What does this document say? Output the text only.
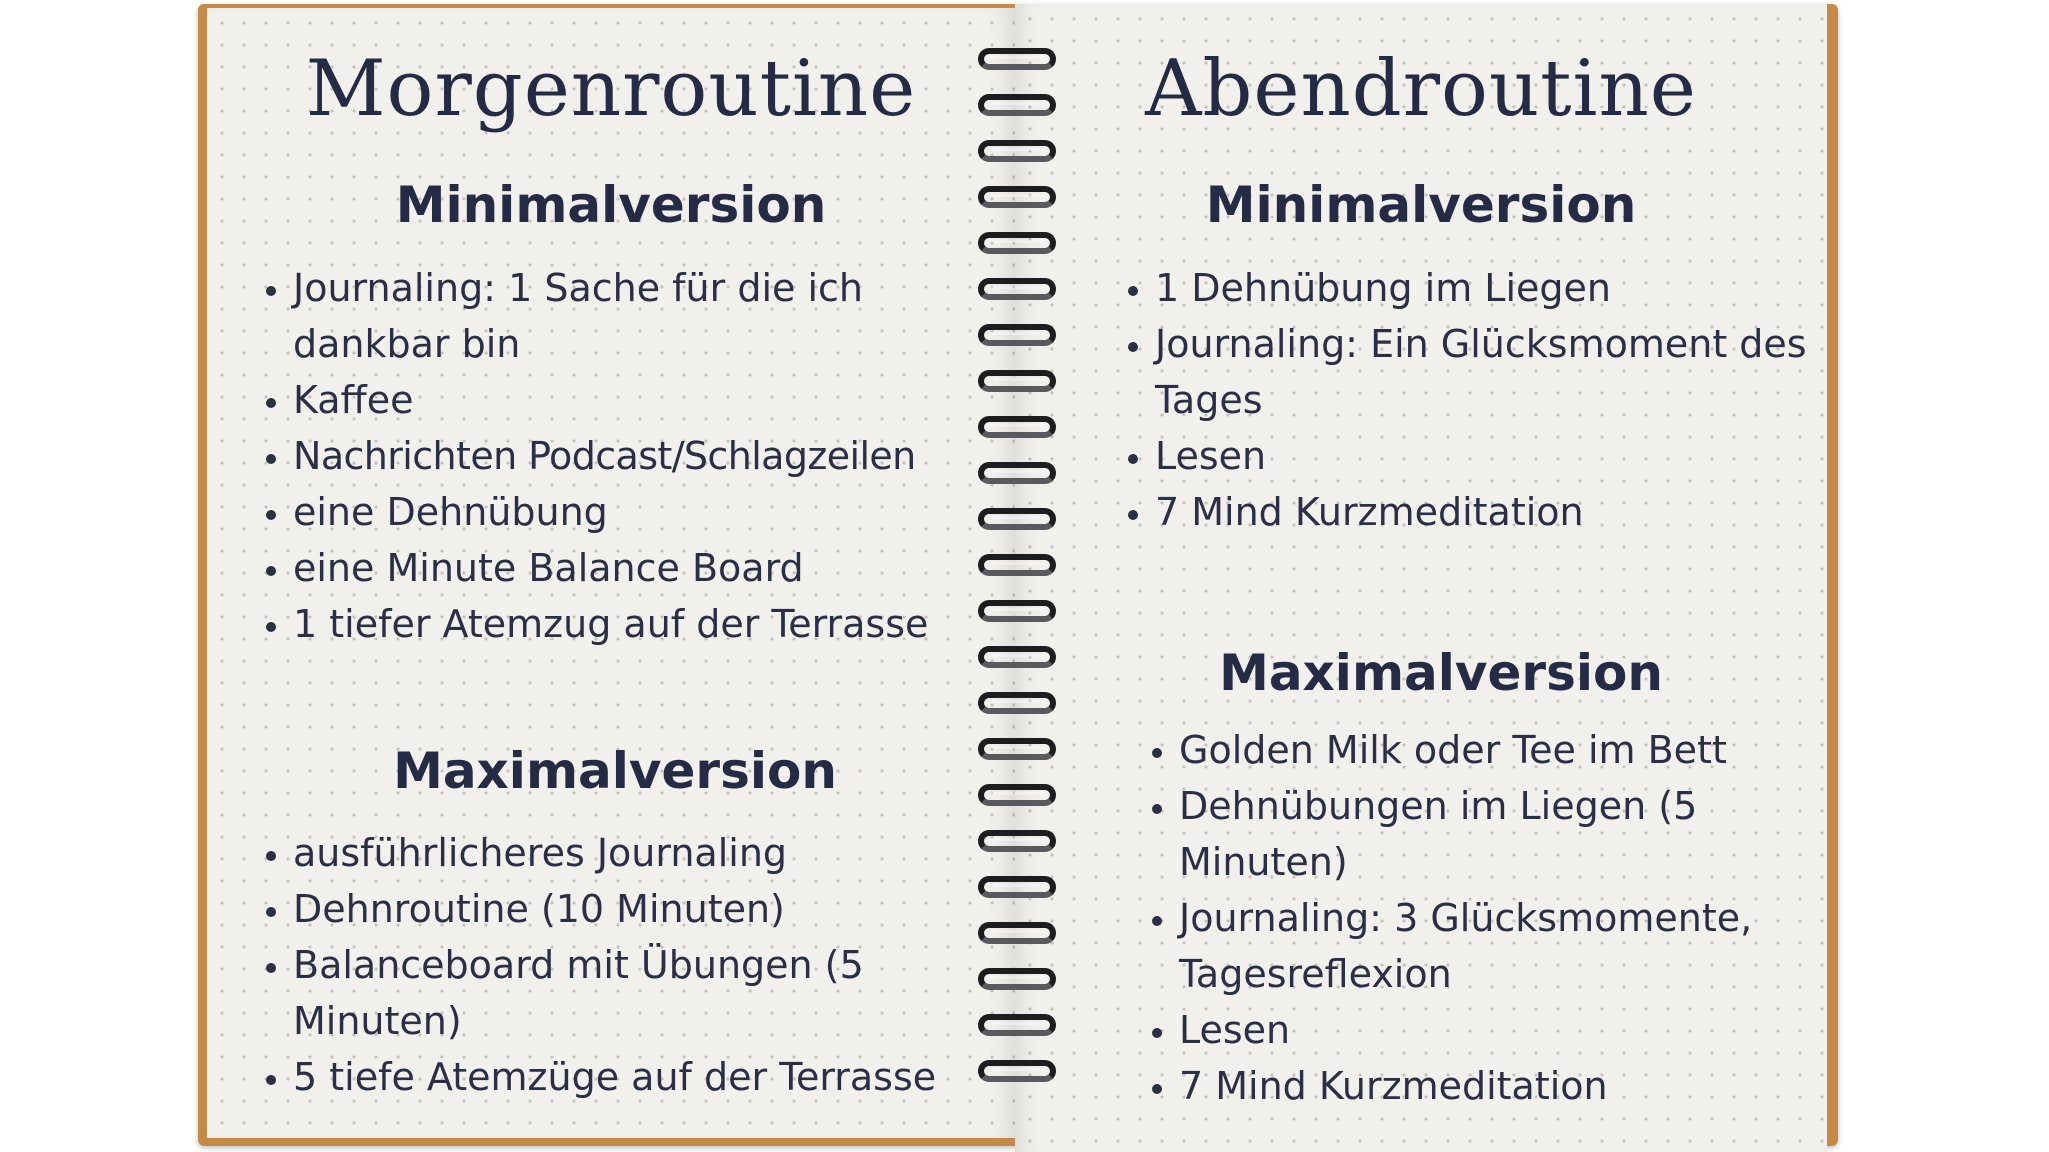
Morgenroutine
Minimalversion
• Journaling: 1 Sache für die ich dankbar bin
• Kaffee
• Nachrichten Podcast/Schlagzeilen
• eine Dehnübung
• eine Minute Balance Board
• 1 tiefer Atemzug auf der Terrasse
Maximalversion
• ausführlicheres Journaling
• Dehnroutine (10 Minuten)
• Balanceboard mit Übungen (5 Minuten)
• 5 tiefe Atemzüge auf der Terrasse
Abendroutine
Minimalversion
• 1 Dehnübung im Liegen
• Journaling: Ein Glücksmoment des Tages
• Lesen
• 7 Mind Kurzmeditation
Maximalversion
• Golden Milk oder Tee im Bett
• Dehnübungen im Liegen (5 Minuten)
• Journaling: 3 Glücksmomente, Tagesreflexion
• Lesen
• 7 Mind Kurzmeditation
